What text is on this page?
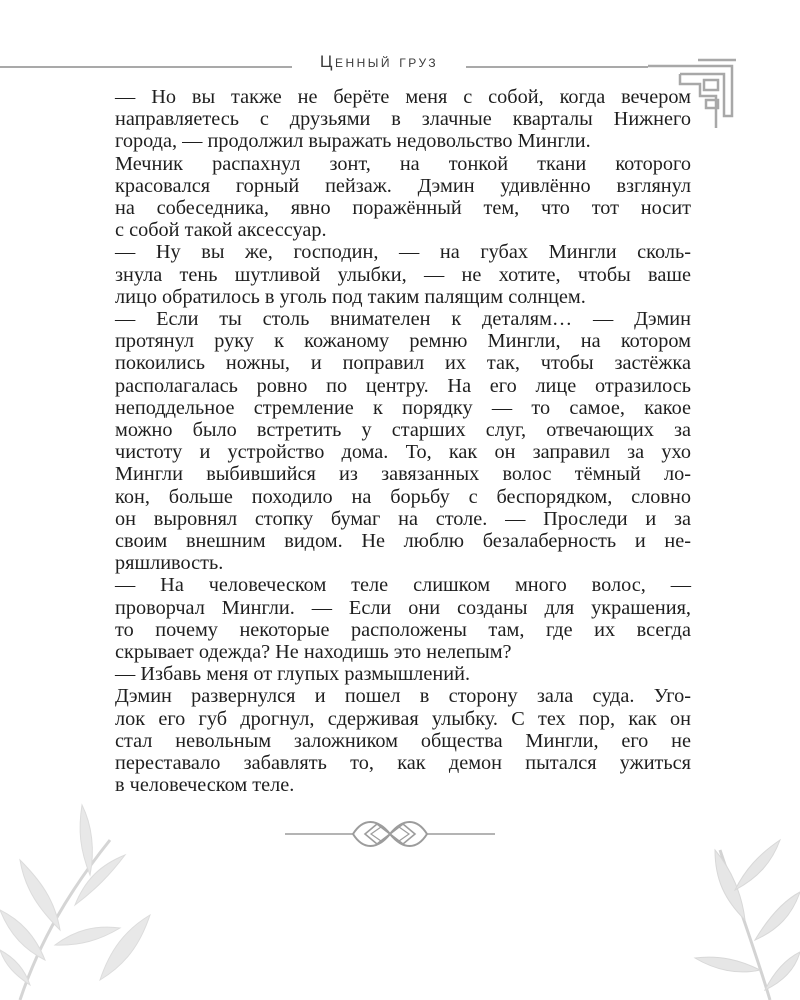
Ценный груз

— Но вы также не берёте меня с собой, когда вечером
направляетесь с друзьями в злачные кварталы Нижнего
города, — продолжил выражать недовольство Мингли.

Мечник распахнул зонт, на тонкой ткани которого
красовался горный пейзаж. Дэмин удивлённо взглянул
на собеседника, явно поражённый тем, что тот носит
с собой такой аксессуар.

— Ну вы же, господин, — на губах Мингли сколь-
знула тень шутливой улыбки, — не хотите, чтобы ваше
лицо обратилось в уголь под таким палящим солнцем.

— Если ты столь внимателен к деталям… — Дэмин
протянул руку к кожаному ремню Мингли, на котором
покоились ножны, и поправил их так, чтобы застёжка
располагалась ровно по центру. На его лице отразилось
неподдельное стремление к порядку — то самое, какое
можно было встретить у старших слуг, отвечающих за
чистоту и устройство дома. То, как он заправил за ухо
Мингли выбившийся из завязанных волос тёмный ло-
кон, больше походило на борьбу с беспорядком, словно
он выровнял стопку бумаг на столе. — Проследи и за
своим внешним видом. Не люблю безалаберность и не-
ряшливость.

— На человеческом теле слишком много волос, —
проворчал Мингли. — Если они созданы для украшения,
то почему некоторые расположены там, где их всегда
скрывает одежда? Не находишь это нелепым?

— Избавь меня от глупых размышлений.

Дэмин развернулся и пошел в сторону зала суда. Уго-
лок его губ дрогнул, сдерживая улыбку. С тех пор, как он
стал невольным заложником общества Мингли, его не
переставало забавлять то, как демон пытался ужиться
в человеческом теле.
